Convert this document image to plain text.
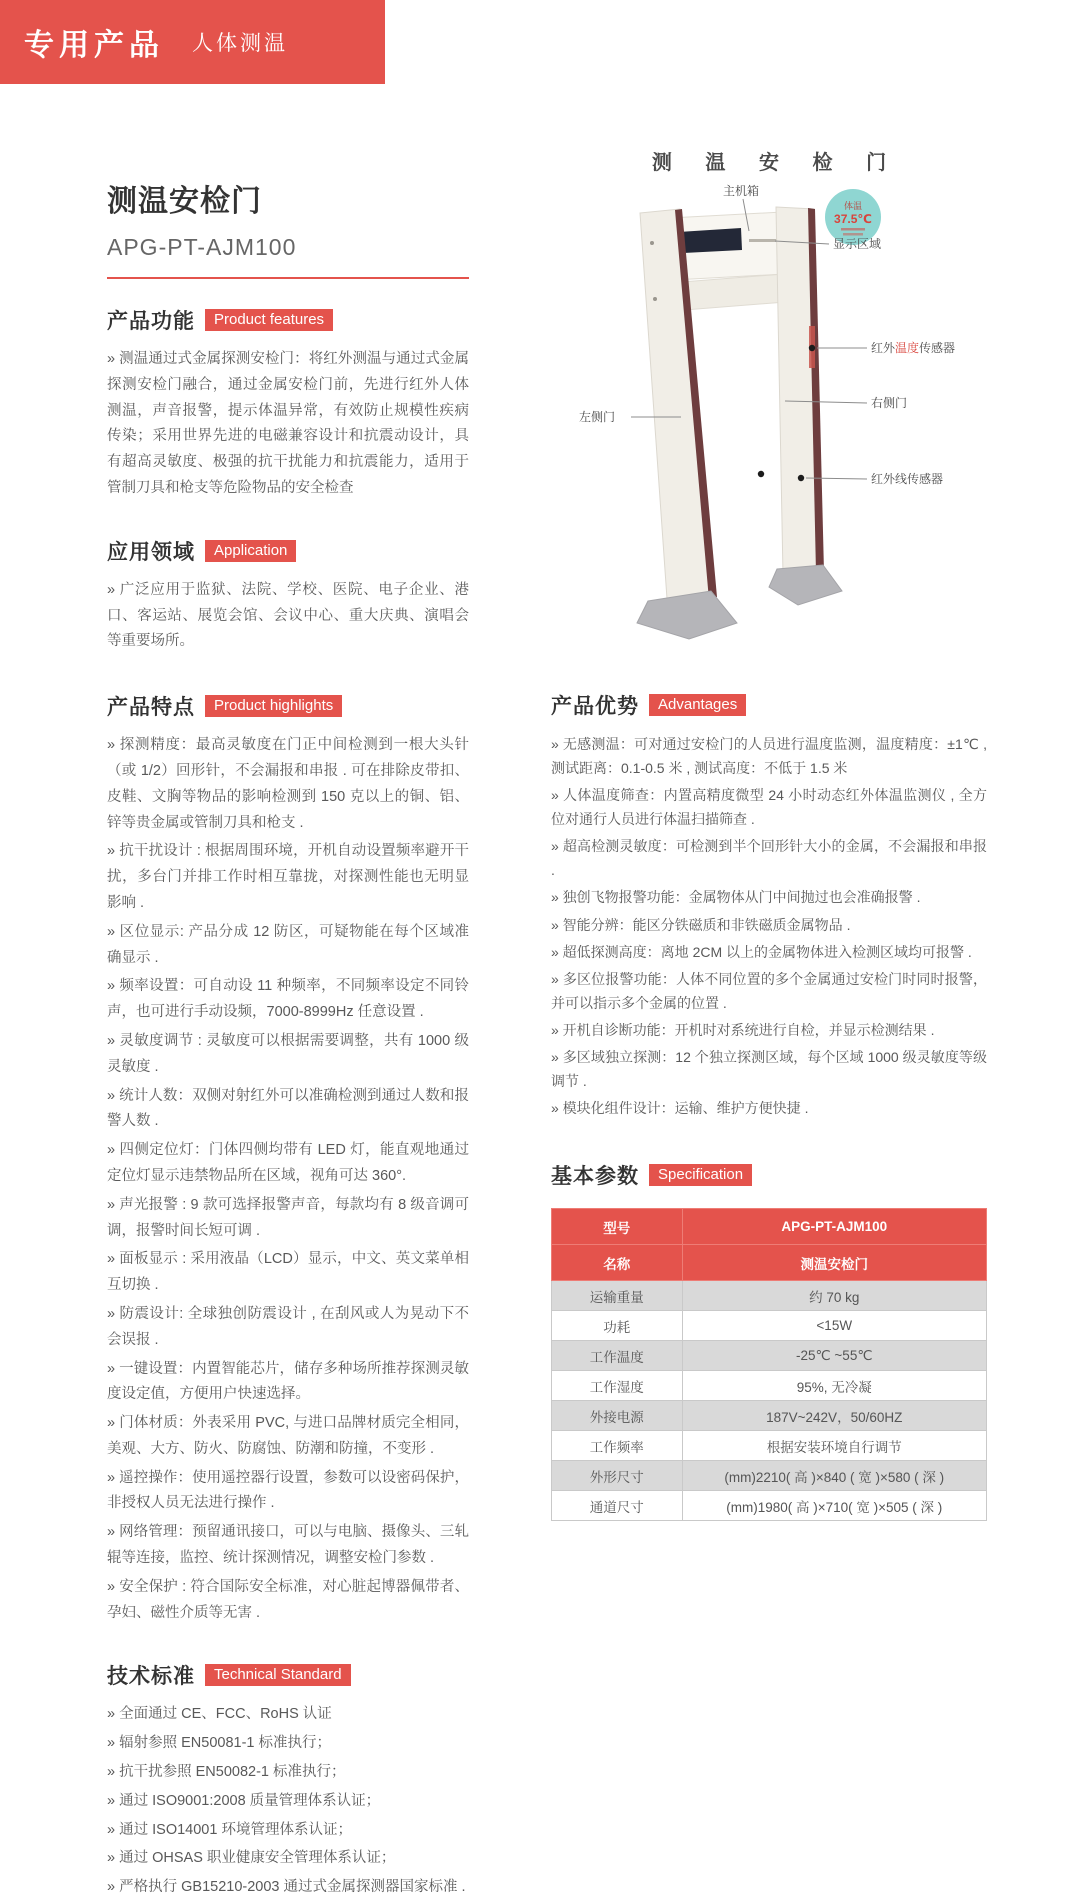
专用产品 人体测温
测温安检门
APG-PT-AJM100
产品功能	Product features
» 测温通过式金属探测安检门：将红外测温与通过式金属探测安检门融合，通过金属安检门前，先进行红外人体测温，声音报警，提示体温异常，有效防止规模性疾病传染；采用世界先进的电磁兼容设计和抗震动设计，具有超高灵敏度、极强的抗干扰能力和抗震能力，适用于管制刀具和枪支等危险物品的安全检查
应用领域	Application
» 广泛应用于监狱、法院、学校、医院、电子企业、港口、客运站、展览会馆、会议中心、重大庆典、演唱会等重要场所。
产品特点	Product highlights
» 探测精度：最高灵敏度在门正中间检测到一根大头针（或 1/2）回形针，不会漏报和串报 . 可在排除皮带扣、皮鞋、文胸等物品的影响检测到 150 克以上的铜、铝、锌等贵金属或管制刀具和枪支 .
» 抗干扰设计 : 根据周围环境，开机自动设置频率避开干扰，多台门并排工作时相互靠拢，对探测性能也无明显影响 .
» 区位显示: 产品分成 12 防区，可疑物能在每个区域准确显示 .
» 频率设置：可自动设 11 种频率，不同频率设定不同铃声，也可进行手动设频，7000-8999Hz 任意设置 .
» 灵敏度调节 : 灵敏度可以根据需要调整，共有 1000 级灵敏度 .
» 统计人数：双侧对射红外可以准确检测到通过人数和报警人数 .
» 四侧定位灯：门体四侧均带有 LED 灯，能直观地通过定位灯显示违禁物品所在区域，视角可达 360°.
» 声光报警 : 9 款可选择报警声音，每款均有 8 级音调可调，报警时间长短可调 .
» 面板显示 : 采用液晶（LCD）显示，中文、英文菜单相互切换 .
» 防震设计: 全球独创防震设计 , 在刮风或人为晃动下不会误报 .
» 一键设置：内置智能芯片，储存多种场所推荐探测灵敏度设定值，方便用户快速选择。
» 门体材质：外表采用 PVC, 与进口品牌材质完全相同，美观、大方、防火、防腐蚀、防潮和防撞，不变形 .
» 遥控操作：使用遥控器行设置，参数可以设密码保护，非授权人员无法进行操作 .
» 网络管理：预留通讯接口，可以与电脑、摄像头、三轧辊等连接，监控、统计探测情况，调整安检门参数 .
» 安全保护 : 符合国际安全标准，对心脏起博器佩带者、孕妇、磁性介质等无害 .
技术标准	Technical Standard
» 全面通过 CE、FCC、RoHS 认证
» 辐射参照 EN50081-1 标准执行；
» 抗干扰参照 EN50082-1 标准执行；
» 通过 ISO9001:2008 质量管理体系认证；
» 通过 ISO14001 环境管理体系认证；
» 通过 OHSAS 职业健康安全管理体系认证；
» 严格执行 GB15210-2003 通过式金属探测器国家标准 .
测 温 安 检 门
体温
37.5℃
主机箱
显示区域
红外温度传感器
右侧门
红外线传感器
左侧门
产品优势	Advantages
» 无感测温：可对通过安检门的人员进行温度监测，温度精度：±1℃ , 测试距离：0.1-0.5 米 , 测试高度：不低于 1.5 米
» 人体温度筛查：内置高精度微型 24 小时动态红外体温监测仪 , 全方位对通行人员进行体温扫描筛查 .
» 超高检测灵敏度：可检测到半个回形针大小的金属，不会漏报和串报 .
» 独创飞物报警功能：金属物体从门中间抛过也会准确报警 .
» 智能分辨：能区分铁磁质和非铁磁质金属物品 .
» 超低探测高度：离地 2CM 以上的金属物体进入检测区域均可报警 .
» 多区位报警功能：人体不同位置的多个金属通过安检门时同时报警，并可以指示多个金属的位置 .
» 开机自诊断功能：开机时对系统进行自检，并显示检测结果 .
» 多区域独立探测：12 个独立探测区域，每个区域 1000 级灵敏度等级调节 .
» 模块化组件设计：运输、维护方便快捷 .
基本参数	Specification
型号	APG-PT-AJM100
名称	测温安检门
运输重量	约 70 kg
功耗	<15W
工作温度	-25℃ ~55℃
工作湿度	95%, 无冷凝
外接电源	187V~242V，50/60HZ
工作频率	根据安装环境自行调节
外形尺寸	(mm)2210( 高 )×840 ( 宽 )×580 ( 深 )
通道尺寸	(mm)1980( 高 )×710( 宽 )×505 ( 深 )
